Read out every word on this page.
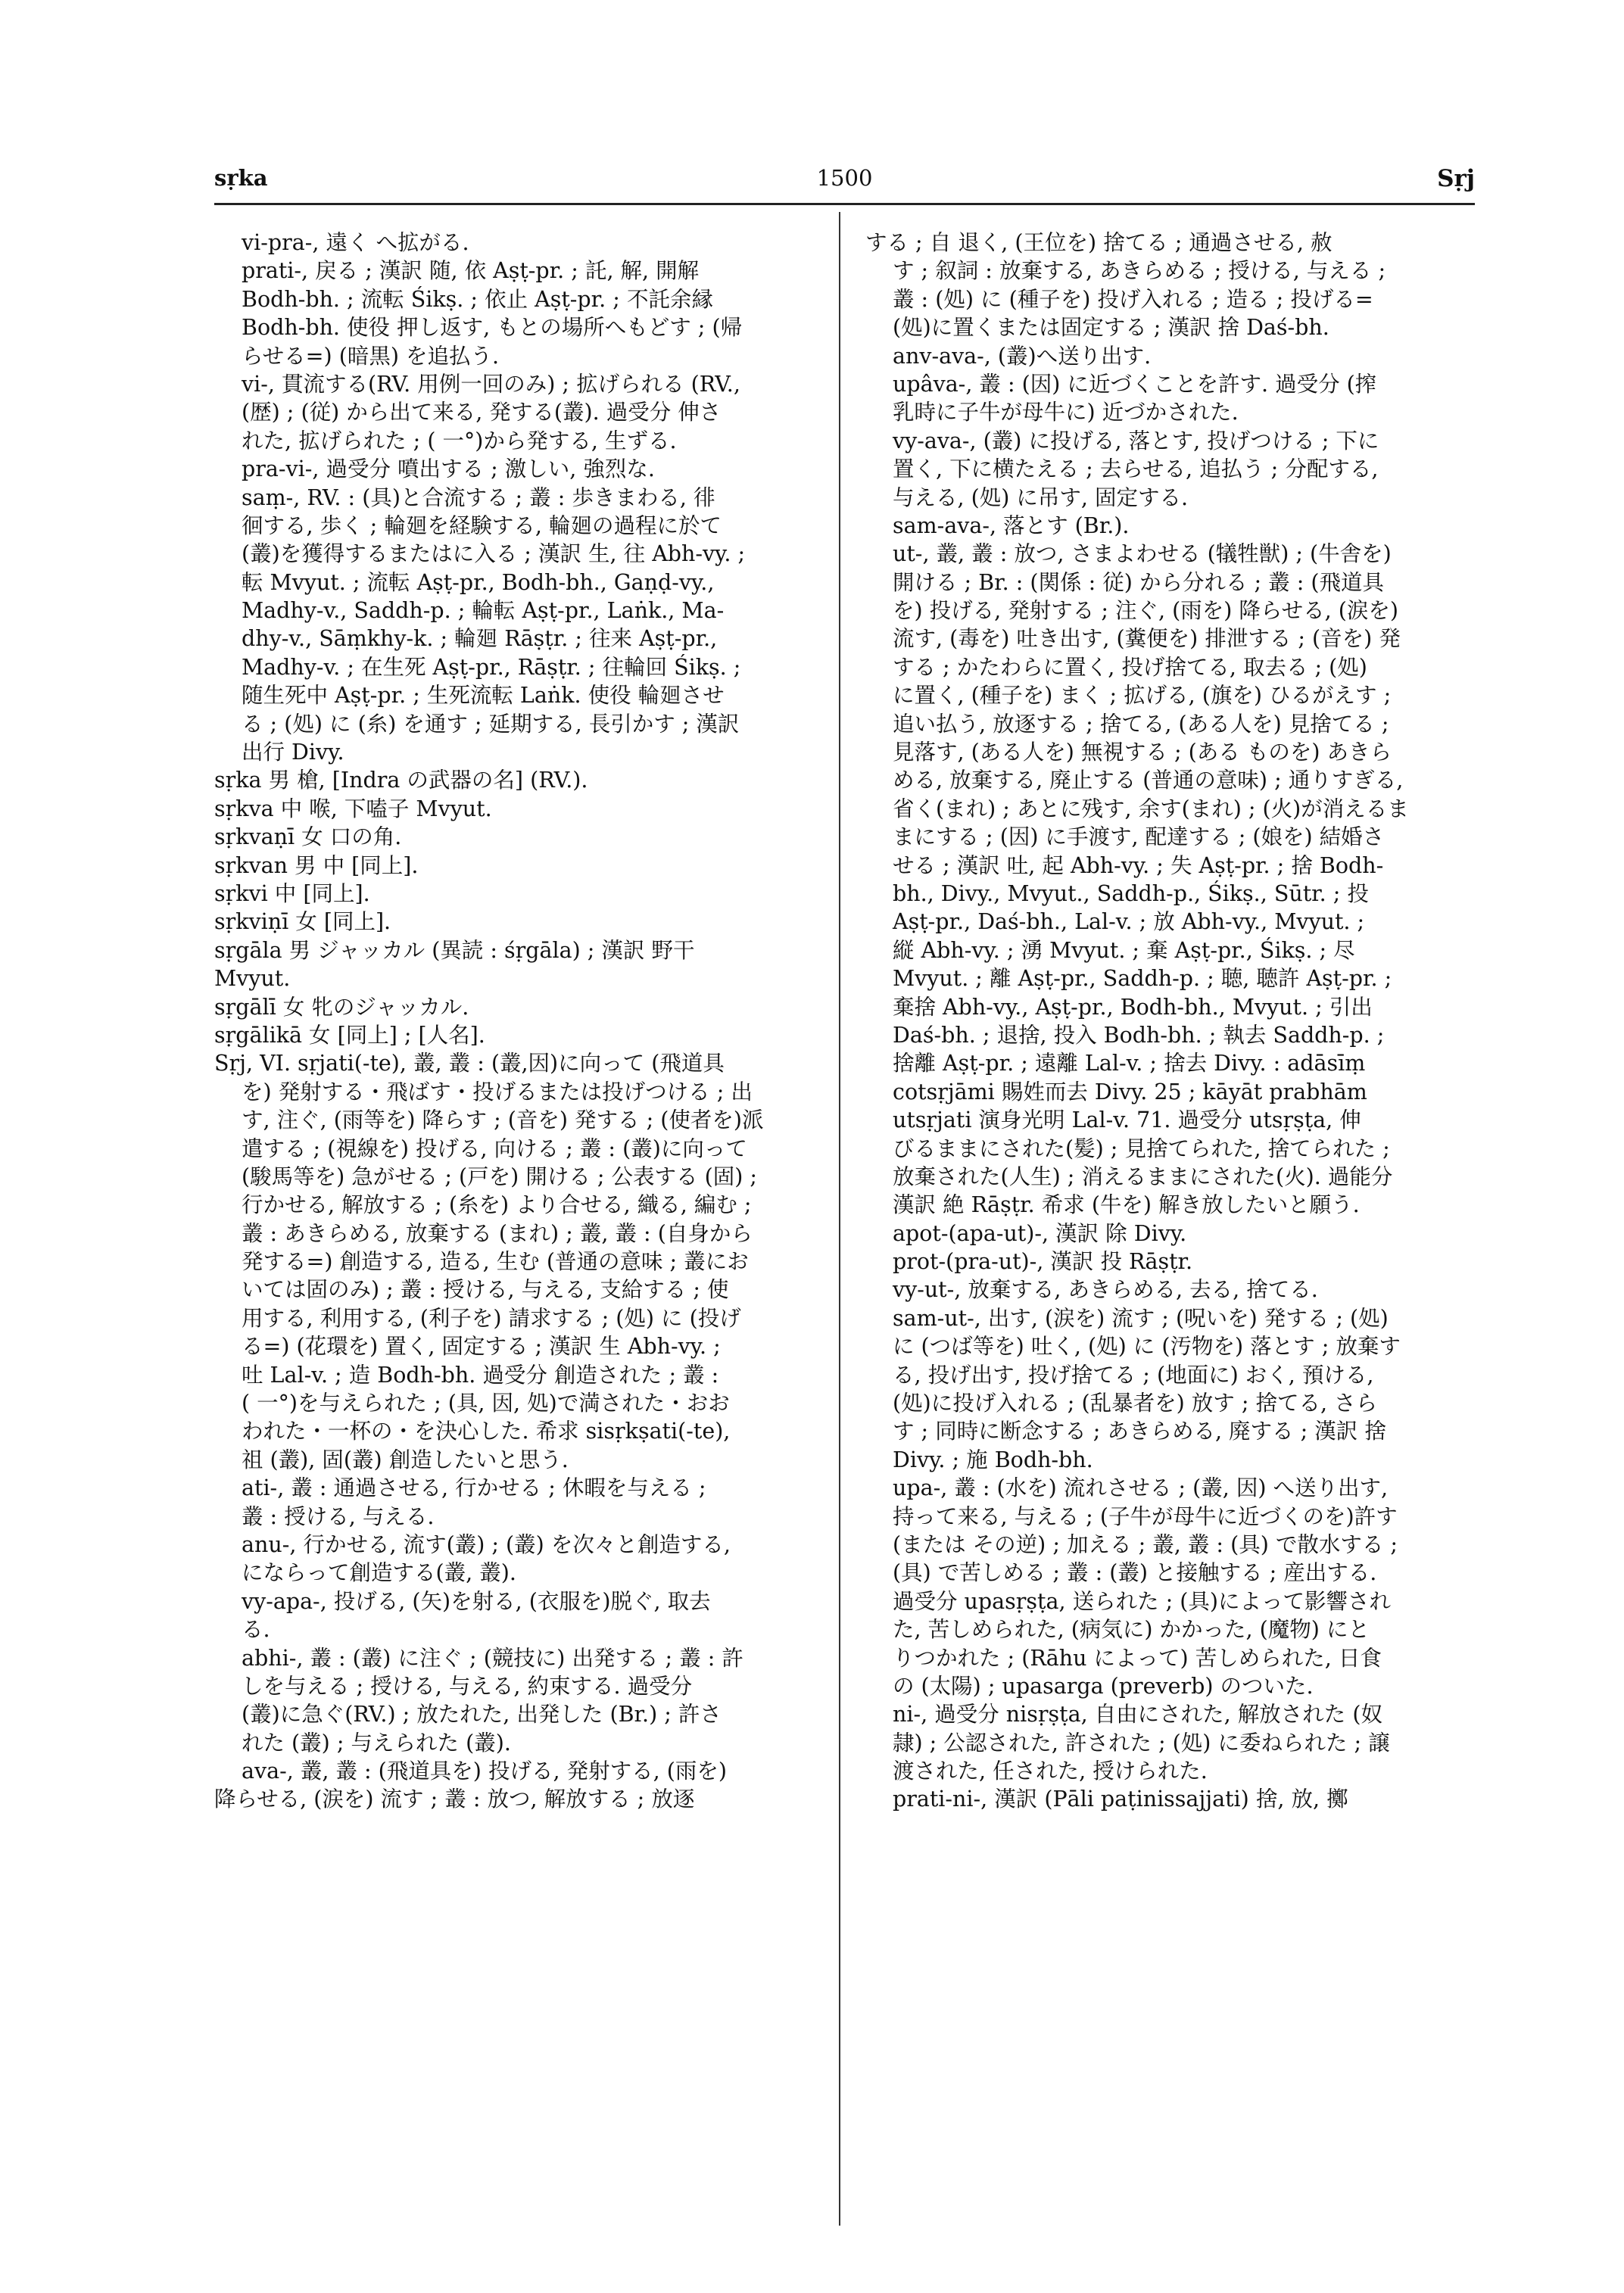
1500
sṛka	Sṛj
vi-pra-, 遠く へ拡がる.
prati-, 戻る ; 漢訳 随, 依 Aṣṭ-pr. ; 託, 解, 開解
Bodh-bh. ; 流転 Śikṣ. ; 依止 Aṣṭ-pr. ; 不託余縁
Bodh-bh. 使役 押し返す, もとの場所へもどす ; (帰
らせる=) (暗黒) を追払う.
vi-, 貫流する(RV. 用例一回のみ) ; 拡げられる (RV.,
(歴) ; (従) から出て来る, 発する(叢). 過受分 伸さ
れた, 拡げられた ; ( 一°)から発する, 生ずる.
pra-vi-, 過受分 噴出する ; 激しい, 強烈な.
saṃ-, RV. : (具)と合流する ; 叢 : 歩きまわる, 徘
徊する, 歩く ; 輪廻を経験する, 輪廻の過程に於て
(叢)を獲得するまたはに入る ; 漢訳 生, 往 Abh-vy. ;
転 Mvyut. ; 流転 Aṣṭ-pr., Bodh-bh., Gaṇḍ-vy.,
Madhy-v., Saddh-p. ; 輪転 Aṣṭ-pr., Laṅk., Ma-
dhy-v., Sāṃkhy-k. ; 輪廻 Rāṣṭr. ; 往来 Aṣṭ-pr.,
Madhy-v. ; 在生死 Aṣṭ-pr., Rāṣṭr. ; 往輪回 Śikṣ. ;
随生死中 Aṣṭ-pr. ; 生死流転 Laṅk. 使役 輪廻させ
る ; (処) に (糸) を通す ; 延期する, 長引かす ; 漢訳
出行 Divy.
sṛka 男 槍, [Indra の武器の名] (RV.).
sṛkva 中 喉, 下嗑子 Mvyut.
sṛkvaṇī 女 口の角.
sṛkvan 男 中 [同上].
sṛkvi 中 [同上].
sṛkviṇī 女 [同上].
sṛgāla 男 ジャッカル (異読 : śṛgāla) ; 漢訳 野干
Mvyut.
sṛgālī 女 牝のジャッカル.
sṛgālikā 女 [同上] ; [人名].
Sṛj, VI. sṛjati(-te), 叢, 叢 : (叢,因)に向って (飛道具
を) 発射する・飛ばす・投げるまたは投げつける ; 出
す, 注ぐ, (雨等を) 降らす ; (音を) 発する ; (使者を)派
遣する ; (視線を) 投げる, 向ける ; 叢 : (叢)に向って
(駿馬等を) 急がせる ; (戸を) 開ける ; 公表する (固) ;
行かせる, 解放する ; (糸を) より合せる, 織る, 編む ;
叢 : あきらめる, 放棄する (まれ) ; 叢, 叢 : (自身から
発する=) 創造する, 造る, 生む (普通の意味 ; 叢にお
いては固のみ) ; 叢 : 授ける, 与える, 支給する ; 使
用する, 利用する, (利子を) 請求する ; (処) に (投げ
る=) (花環を) 置く, 固定する ; 漢訳 生 Abh-vy. ;
吐 Lal-v. ; 造 Bodh-bh. 過受分 創造された ; 叢 :
( 一°)を与えられた ; (具, 因, 処)で満された・おお
われた・一杯の・を決心した. 希求 sisṛkṣati(-te),
祖 (叢), 固(叢) 創造したいと思う.
ati-, 叢 : 通過させる, 行かせる ; 休暇を与える ;
叢 : 授ける, 与える.
anu-, 行かせる, 流す(叢) ; (叢) を次々と創造する,
にならって創造する(叢, 叢).
vy-apa-, 投げる, (矢)を射る, (衣服を)脱ぐ, 取去
る.
abhi-, 叢 : (叢) に注ぐ ; (競技に) 出発する ; 叢 : 許
しを与える ; 授ける, 与える, 約束する. 過受分
(叢)に急ぐ(RV.) ; 放たれた, 出発した (Br.) ; 許さ
れた (叢) ; 与えられた (叢).
ava-, 叢, 叢 : (飛道具を) 投げる, 発射する, (雨を)
降らせる, (涙を) 流す ; 叢 : 放つ, 解放する ; 放逐
する ; 自 退く, (王位を) 捨てる ; 通過させる, 赦
す ; 叙詞 : 放棄する, あきらめる ; 授ける, 与える ;
叢 : (処) に (種子を) 投げ入れる ; 造る ; 投げる=
(処)に置くまたは固定する ; 漢訳 捨 Daś-bh.
anv-ava-, (叢)へ送り出す.
upâva-, 叢 : (因) に近づくことを許す. 過受分 (搾
乳時に子牛が母牛に) 近づかされた.
vy-ava-, (叢) に投げる, 落とす, 投げつける ; 下に
置く, 下に横たえる ; 去らせる, 追払う ; 分配する,
与える, (処) に吊す, 固定する.
sam-ava-, 落とす (Br.).
ut-, 叢, 叢 : 放つ, さまよわせる (犠牲獣) ; (牛舎を)
開ける ; Br. : (関係 : 従) から分れる ; 叢 : (飛道具
を) 投げる, 発射する ; 注ぐ, (雨を) 降らせる, (涙を)
流す, (毒を) 吐き出す, (糞便を) 排泄する ; (音を) 発
する ; かたわらに置く, 投げ捨てる, 取去る ; (処)
に置く, (種子を) まく ; 拡げる, (旗を) ひるがえす ;
追い払う, 放逐する ; 捨てる, (ある人を) 見捨てる ;
見落す, (ある人を) 無視する ; (ある ものを) あきら
める, 放棄する, 廃止する (普通の意味) ; 通りすぎる,
省く(まれ) ; あとに残す, 余す(まれ) ; (火)が消えるま
まにする ; (因) に手渡す, 配達する ; (娘を) 結婚さ
せる ; 漢訳 吐, 起 Abh-vy. ; 失 Aṣṭ-pr. ; 捨 Bodh-
bh., Divy., Mvyut., Saddh-p., Śikṣ., Sūtr. ; 投
Aṣṭ-pr., Daś-bh., Lal-v. ; 放 Abh-vy., Mvyut. ;
縦 Abh-vy. ; 湧 Mvyut. ; 棄 Aṣṭ-pr., Śikṣ. ; 尽
Mvyut. ; 離 Aṣṭ-pr., Saddh-p. ; 聴, 聴許 Aṣṭ-pr. ;
棄捨 Abh-vy., Aṣṭ-pr., Bodh-bh., Mvyut. ; 引出
Daś-bh. ; 退捨, 投入 Bodh-bh. ; 執去 Saddh-p. ;
捨離 Aṣṭ-pr. ; 遠離 Lal-v. ; 捨去 Divy. : adāsīṃ
cotsṛjāmi 賜姓而去 Divy. 25 ; kāyāt prabhām
utsṛjati 演身光明 Lal-v. 71. 過受分 utsṛṣṭa, 伸
びるままにされた(髪) ; 見捨てられた, 捨てられた ;
放棄された(人生) ; 消えるままにされた(火). 過能分
漢訳 絶 Rāṣṭr. 希求 (牛を) 解き放したいと願う.
apot-(apa-ut)-, 漢訳 除 Divy.
prot-(pra-ut)-, 漢訳 投 Rāṣṭr.
vy-ut-, 放棄する, あきらめる, 去る, 捨てる.
sam-ut-, 出す, (涙を) 流す ; (呪いを) 発する ; (処)
に (つば等を) 吐く, (処) に (汚物を) 落とす ; 放棄す
る, 投げ出す, 投げ捨てる ; (地面に) おく, 預ける,
(処)に投げ入れる ; (乱暴者を) 放す ; 捨てる, さら
す ; 同時に断念する ; あきらめる, 廃する ; 漢訳 捨
Divy. ; 施 Bodh-bh.
upa-, 叢 : (水を) 流れさせる ; (叢, 因) へ送り出す,
持って来る, 与える ; (子牛が母牛に近づくのを)許す
(または その逆) ; 加える ; 叢, 叢 : (具) で散水する ;
(具) で苦しめる ; 叢 : (叢) と接触する ; 産出する.
過受分 upasṛṣṭa, 送られた ; (具)によって影響され
た, 苦しめられた, (病気に) かかった, (魔物) にと
りつかれた ; (Rāhu によって) 苦しめられた, 日食
の (太陽) ; upasarga (preverb) のついた.
ni-, 過受分 nisṛṣṭa, 自由にされた, 解放された (奴
隷) ; 公認された, 許された ; (処) に委ねられた ; 譲
渡された, 任された, 授けられた.
prati-ni-, 漢訳 (Pāli paṭinissajjati) 捨, 放, 擲
